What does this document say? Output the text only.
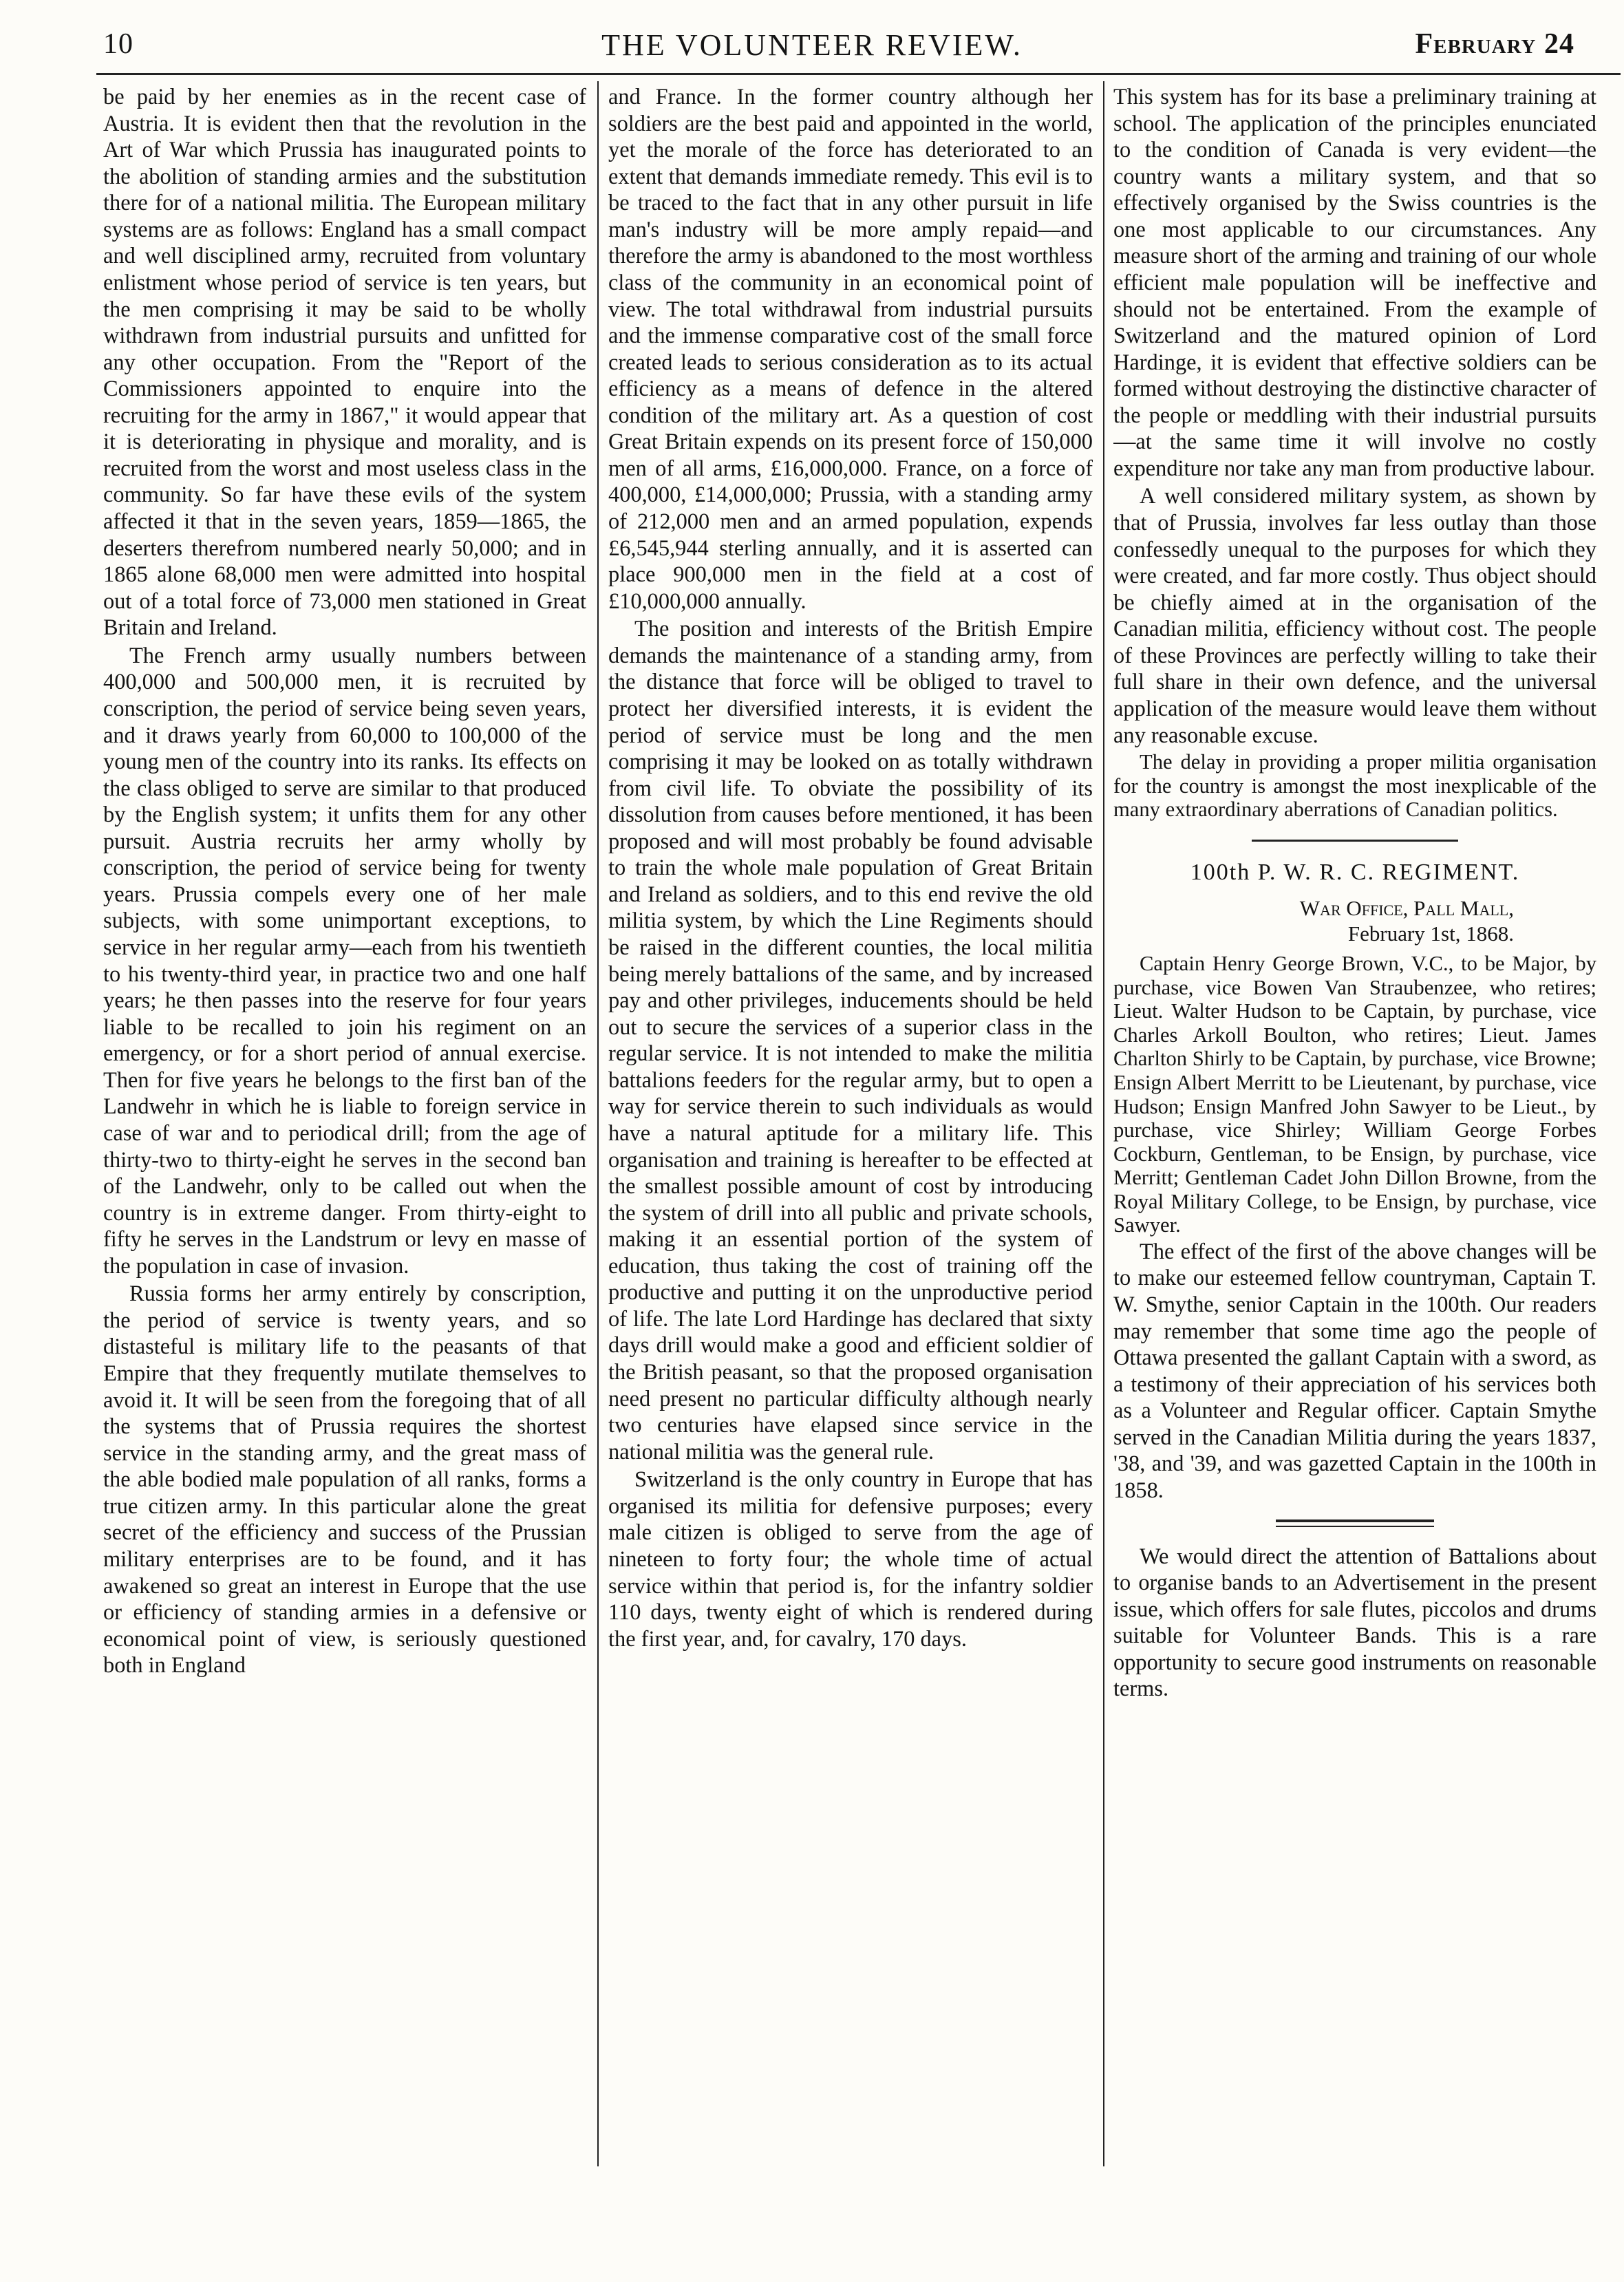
10	THE VOLUNTEER REVIEW.	February 24

be paid by her enemies as in the recent case of Austria. It is evident then that the revolution in the Art of War which Prussia has inaugurated points to the abolition of standing armies and the substitution there for of a national militia. The European military systems are as follows: England has a small compact and well disciplined army, recruited from voluntary enlistment whose period of service is ten years, but the men comprising it may be said to be wholly withdrawn from industrial pursuits and unfitted for any other occupation. From the "Report of the Commissioners appointed to enquire into the recruiting for the army in 1867," it would appear that it is deteriorating in physique and morality, and is recruited from the worst and most useless class in the community. So far have these evils of the system affected it that in the seven years, 1859—1865, the deserters therefrom numbered nearly 50,000; and in 1865 alone 68,000 men were admitted into hospital out of a total force of 73,000 men stationed in Great Britain and Ireland.

The French army usually numbers between 400,000 and 500,000 men, it is recruited by conscription, the period of service being seven years, and it draws yearly from 60,000 to 100,000 of the young men of the country into its ranks. Its effects on the class obliged to serve are similar to that produced by the English system; it unfits them for any other pursuit. Austria recruits her army wholly by conscription, the period of service being for twenty years. Prussia compels every one of her male subjects, with some unimportant exceptions, to service in her regular army—each from his twentieth to his twenty-third year, in practice two and one half years; he then passes into the reserve for four years liable to be recalled to join his regiment on an emergency, or for a short period of annual exercise. Then for five years he belongs to the first ban of the Landwehr in which he is liable to foreign service in case of war and to periodical drill; from the age of thirty-two to thirty-eight he serves in the second ban of the Landwehr, only to be called out when the country is in extreme danger. From thirty-eight to fifty he serves in the Landstrum or levy en masse of the population in case of invasion.

Russia forms her army entirely by conscription, the period of service is twenty years, and so distasteful is military life to the peasants of that Empire that they frequently mutilate themselves to avoid it. It will be seen from the foregoing that of all the systems that of Prussia requires the shortest service in the standing army, and the great mass of the able bodied male population of all ranks, forms a true citizen army. In this particular alone the great secret of the efficiency and success of the Prussian military enterprises are to be found, and it has awakened so great an interest in Europe that the use or efficiency of standing armies in a defensive or economical point of view, is seriously questioned both in England

and France. In the former country although her soldiers are the best paid and appointed in the world, yet the morale of the force has deteriorated to an extent that demands immediate remedy. This evil is to be traced to the fact that in any other pursuit in life man's industry will be more amply repaid—and therefore the army is abandoned to the most worthless class of the community in an economical point of view. The total withdrawal from industrial pursuits and the immense comparative cost of the small force created leads to serious consideration as to its actual efficiency as a means of defence in the altered condition of the military art. As a question of cost Great Britain expends on its present force of 150,000 men of all arms, £16,000,000. France, on a force of 400,000, £14,000,000; Prussia, with a standing army of 212,000 men and an armed population, expends £6,545,944 sterling annually, and it is asserted can place 900,000 men in the field at a cost of £10,000,000 annually.

The position and interests of the British Empire demands the maintenance of a standing army, from the distance that force will be obliged to travel to protect her diversified interests, it is evident the period of service must be long and the men comprising it may be looked on as totally withdrawn from civil life. To obviate the possibility of its dissolution from causes before mentioned, it has been proposed and will most probably be found advisable to train the whole male population of Great Britain and Ireland as soldiers, and to this end revive the old militia system, by which the Line Regiments should be raised in the different counties, the local militia being merely battalions of the same, and by increased pay and other privileges, inducements should be held out to secure the services of a superior class in the regular service. It is not intended to make the militia battalions feeders for the regular army, but to open a way for service therein to such individuals as would have a natural aptitude for a military life. This organisation and training is hereafter to be effected at the smallest possible amount of cost by introducing the system of drill into all public and private schools, making it an essential portion of the system of education, thus taking the cost of training off the productive and putting it on the unproductive period of life. The late Lord Hardinge has declared that sixty days drill would make a good and efficient soldier of the British peasant, so that the proposed organisation need present no particular difficulty although nearly two centuries have elapsed since service in the national militia was the general rule.

Switzerland is the only country in Europe that has organised its militia for defensive purposes; every male citizen is obliged to serve from the age of nineteen to forty four; the whole time of actual service within that period is, for the infantry soldier 110 days, twenty eight of which is rendered during the first year, and, for cavalry, 170 days.

This system has for its base a preliminary training at school. The application of the principles enunciated to the condition of Canada is very evident—the country wants a military system, and that so effectively organised by the Swiss countries is the one most applicable to our circumstances. Any measure short of the arming and training of our whole efficient male population will be ineffective and should not be entertained. From the example of Switzerland and the matured opinion of Lord Hardinge, it is evident that effective soldiers can be formed without destroying the distinctive character of the people or meddling with their industrial pursuits—at the same time it will involve no costly expenditure nor take any man from productive labour.

A well considered military system, as shown by that of Prussia, involves far less outlay than those confessedly unequal to the purposes for which they were created, and far more costly. Thus object should be chiefly aimed at in the organisation of the Canadian militia, efficiency without cost. The people of these Provinces are perfectly willing to take their full share in their own defence, and the universal application of the measure would leave them without any reasonable excuse.

The delay in providing a proper militia organisation for the country is amongst the most inexplicable of the many extraordinary aberrations of Canadian politics.

100th P. W. R. C. REGIMENT.
War Office, Pall Mall,
February 1st, 1868.

Captain Henry George Brown, V.C., to be Major, by purchase, vice Bowen Van Straubenzee, who retires; Lieut. Walter Hudson to be Captain, by purchase, vice Charles Arkoll Boulton, who retires; Lieut. James Charlton Shirly to be Captain, by purchase, vice Browne; Ensign Albert Merritt to be Lieutenant, by purchase, vice Hudson; Ensign Manfred John Sawyer to be Lieut., by purchase, vice Shirley; William George Forbes Cockburn, Gentleman, to be Ensign, by purchase, vice Merritt; Gentleman Cadet John Dillon Browne, from the Royal Military College, to be Ensign, by purchase, vice Sawyer.

The effect of the first of the above changes will be to make our esteemed fellow countryman, Captain T. W. Smythe, senior Captain in the 100th. Our readers may remember that some time ago the people of Ottawa presented the gallant Captain with a sword, as a testimony of their appreciation of his services both as a Volunteer and Regular officer. Captain Smythe served in the Canadian Militia during the years 1837, '38, and '39, and was gazetted Captain in the 100th in 1858.

We would direct the attention of Battalions about to organise bands to an Advertisement in the present issue, which offers for sale flutes, piccolos and drums suitable for Volunteer Bands. This is a rare opportunity to secure good instruments on reasonable terms.
